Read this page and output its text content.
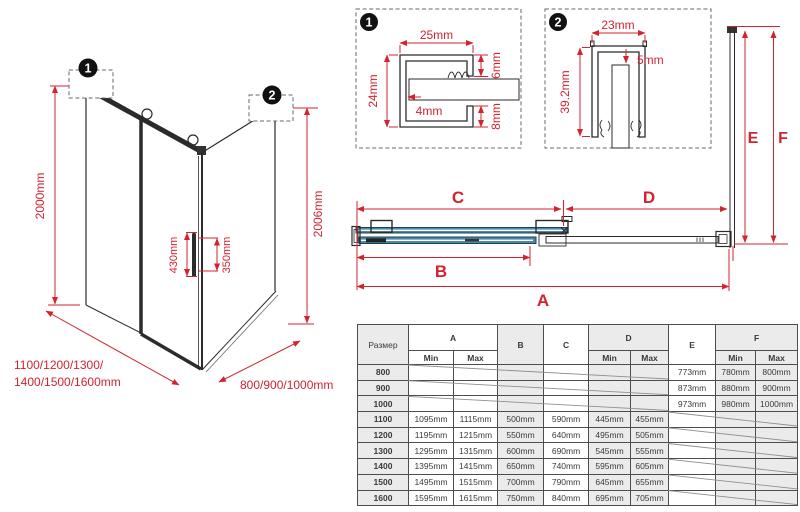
2000mm	2006mm
430mm	350mm
1100/1200/1300/
1400/1500/1600mm	800/900/1000mm
1
2
1
25mm
24mm
4mm
6mm
8mm
2	23mm
5mm
39.2mm
C	D
B
A
E F
Размер	A		B	C	D		E	F	
	Min	Max			Min	Max		Min	Max
800							773mm	780mm	800mm
900							873mm	880mm	900mm
1000							973mm	980mm	1000mm
1100	1095mm	1115mm	500mm	590mm	445mm	455mm			
1200	1195mm	1215mm	550mm	640mm	495mm	505mm			
1300	1295mm	1315mm	600mm	690mm	545mm	555mm			
1400	1395mm	1415mm	650mm	740mm	595mm	605mm			
1500	1495mm	1515mm	700mm	790mm	645mm	655mm			
1600	1595mm	1615mm	750mm	840mm	695mm	705mm			
